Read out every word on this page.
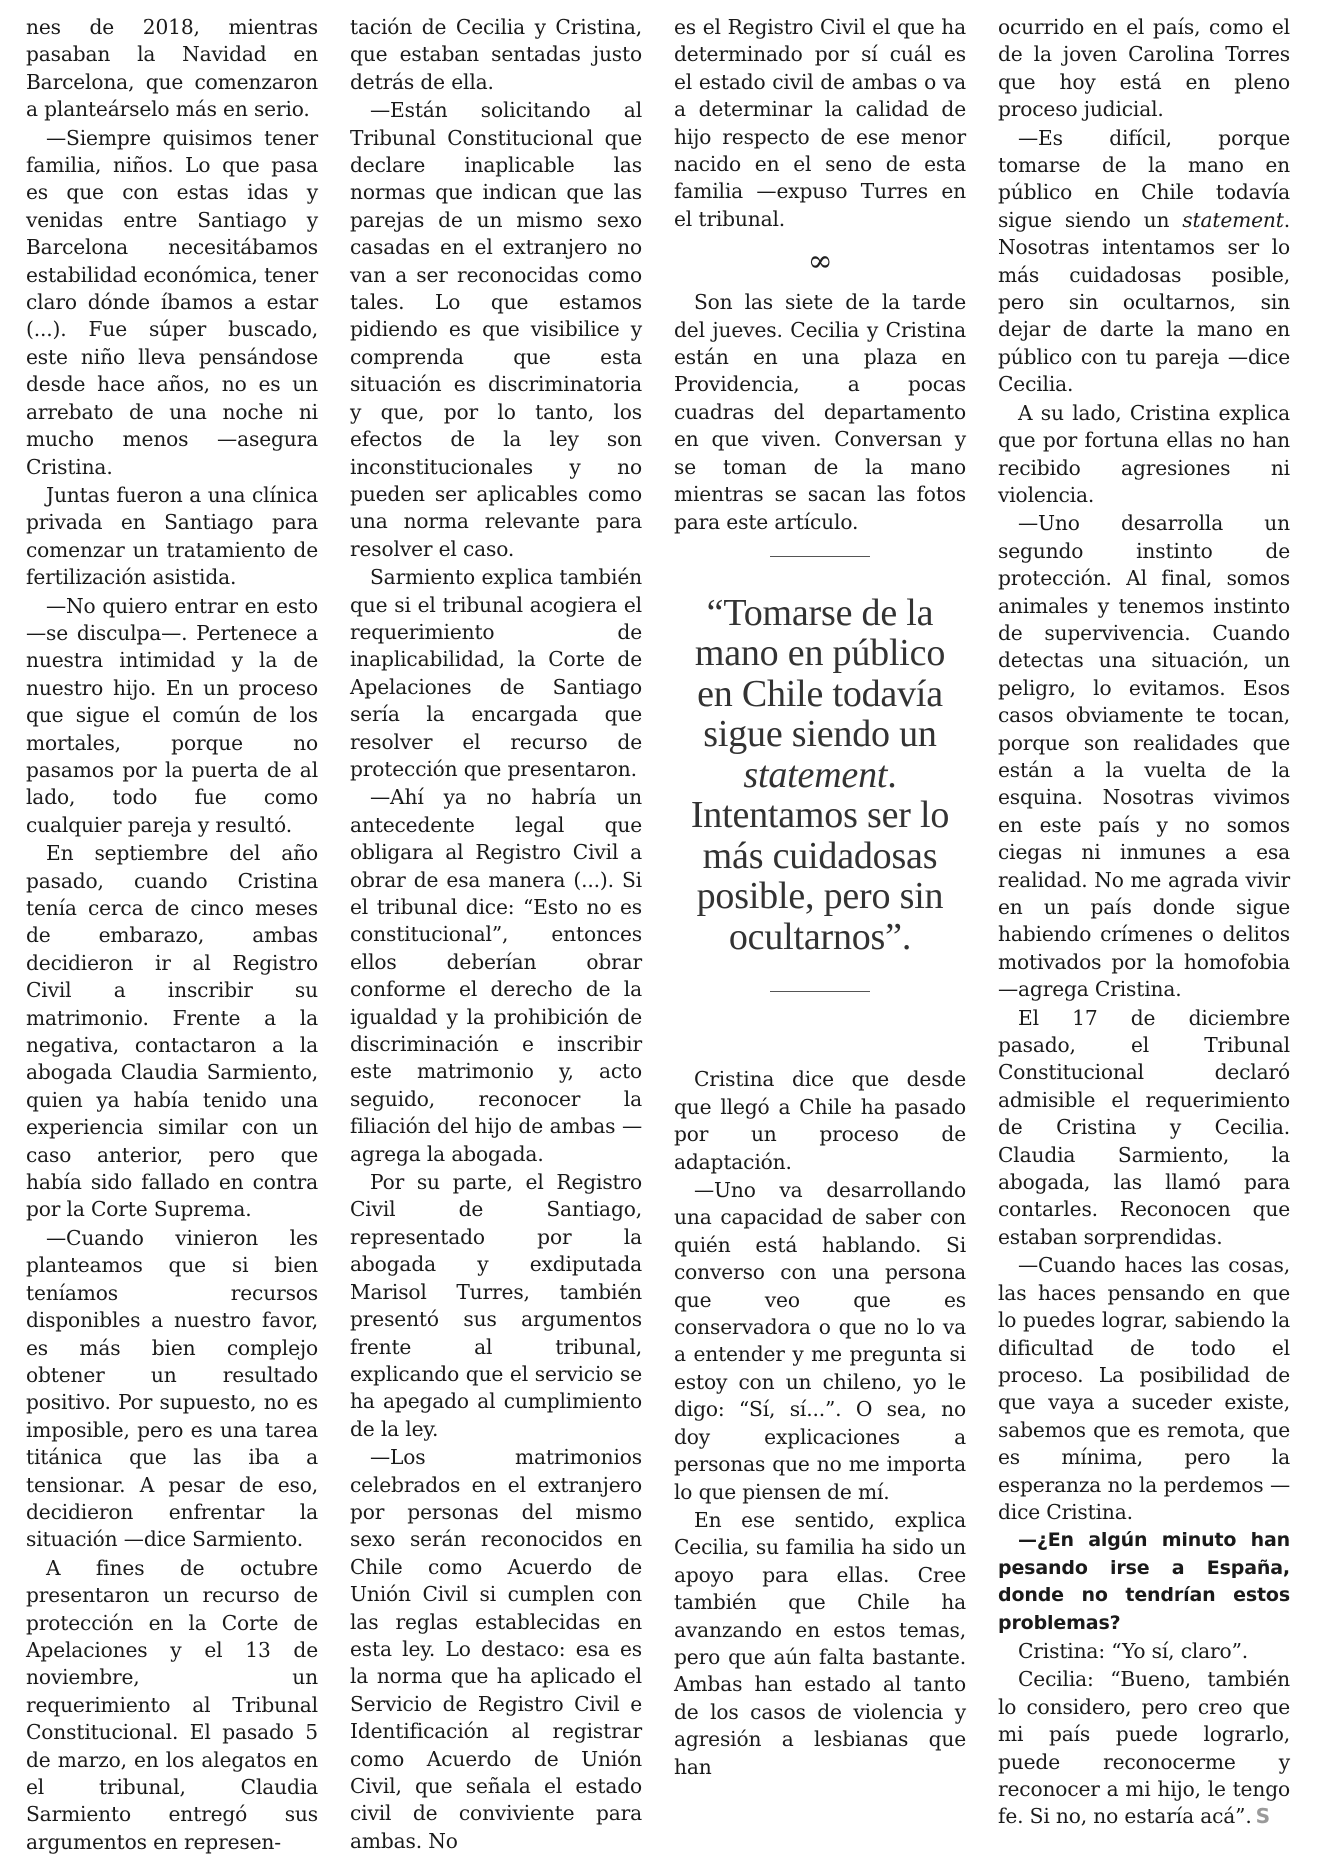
nes de 2018, mientras pasaban la Navidad en Barcelona, que comenzaron a planteárselo más en serio.

—Siempre quisimos tener familia, niños. Lo que pasa es que con estas idas y venidas entre Santiago y Barcelona necesitábamos estabilidad económica, tener claro dónde íbamos a estar (...). Fue súper buscado, este niño lleva pensándose desde hace años, no es un arrebato de una noche ni mucho menos —asegura Cristina.

Juntas fueron a una clínica privada en Santiago para comenzar un tratamiento de fertilización asistida.

—No quiero entrar en esto —se disculpa—. Pertenece a nuestra intimidad y la de nuestro hijo. En un proceso que sigue el común de los mortales, porque no pasamos por la puerta de al lado, todo fue como cualquier pareja y resultó.

En septiembre del año pasado, cuando Cristina tenía cerca de cinco meses de embarazo, ambas decidieron ir al Registro Civil a inscribir su matrimonio. Frente a la negativa, contactaron a la abogada Claudia Sarmiento, quien ya había tenido una experiencia similar con un caso anterior, pero que había sido fallado en contra por la Corte Suprema.

—Cuando vinieron les planteamos que si bien teníamos recursos disponibles a nuestro favor, es más bien complejo obtener un resultado positivo. Por supuesto, no es imposible, pero es una tarea titánica que las iba a tensionar. A pesar de eso, decidieron enfrentar la situación —dice Sarmiento.

A fines de octubre presentaron un recurso de protección en la Corte de Apelaciones y el 13 de noviembre, un requerimiento al Tribunal Constitucional. El pasado 5 de marzo, en los alegatos en el tribunal, Claudia Sarmiento entregó sus argumentos en represen-

tación de Cecilia y Cristina, que estaban sentadas justo detrás de ella.

—Están solicitando al Tribunal Constitucional que declare inaplicable las normas que indican que las parejas de un mismo sexo casadas en el extranjero no van a ser reconocidas como tales. Lo que estamos pidiendo es que visibilice y comprenda que esta situación es discriminatoria y que, por lo tanto, los efectos de la ley son inconstitucionales y no pueden ser aplicables como una norma relevante para resolver el caso.

Sarmiento explica también que si el tribunal acogiera el requerimiento de inaplicabilidad, la Corte de Apelaciones de Santiago sería la encargada que resolver el recurso de protección que presentaron.

—Ahí ya no habría un antecedente legal que obligara al Registro Civil a obrar de esa manera (...). Si el tribunal dice: “Esto no es constitucional”, entonces ellos deberían obrar conforme el derecho de la igualdad y la prohibición de discriminación e inscribir este matrimonio y, acto seguido, reconocer la filiación del hijo de ambas —agrega la abogada.

Por su parte, el Registro Civil de Santiago, representado por la abogada y exdiputada Marisol Turres, también presentó sus argumentos frente al tribunal, explicando que el servicio se ha apegado al cumplimiento de la ley.

—Los matrimonios celebrados en el extranjero por personas del mismo sexo serán reconocidos en Chile como Acuerdo de Unión Civil si cumplen con las reglas establecidas en esta ley. Lo destaco: esa es la norma que ha aplicado el Servicio de Registro Civil e Identificación al registrar como Acuerdo de Unión Civil, que señala el estado civil de conviviente para ambas. No

es el Registro Civil el que ha determinado por sí cuál es el estado civil de ambas o va a determinar la calidad de hijo respecto de ese menor nacido en el seno de esta familia —expuso Turres en el tribunal.

∞

Son las siete de la tarde del jueves. Cecilia y Cristina están en una plaza en Providencia, a pocas cuadras del departamento en que viven. Conversan y se toman de la mano mientras se sacan las fotos para este artículo.

“Tomarse de la mano en público en Chile todavía sigue siendo un statement. Intentamos ser lo más cuidadosas posible, pero sin ocultarnos”.

Cristina dice que desde que llegó a Chile ha pasado por un proceso de adaptación.

—Uno va desarrollando una capacidad de saber con quién está hablando. Si converso con una persona que veo que es conservadora o que no lo va a entender y me pregunta si estoy con un chileno, yo le digo: “Sí, sí...”. O sea, no doy explicaciones a personas que no me importa lo que piensen de mí.

En ese sentido, explica Cecilia, su familia ha sido un apoyo para ellas. Cree también que Chile ha avanzando en estos temas, pero que aún falta bastante. Ambas han estado al tanto de los casos de violencia y agresión a lesbianas que han

ocurrido en el país, como el de la joven Carolina Torres que hoy está en pleno proceso judicial.

—Es difícil, porque tomarse de la mano en público en Chile todavía sigue siendo un statement. Nosotras intentamos ser lo más cuidadosas posible, pero sin ocultarnos, sin dejar de darte la mano en público con tu pareja —dice Cecilia.

A su lado, Cristina explica que por fortuna ellas no han recibido agresiones ni violencia.

—Uno desarrolla un segundo instinto de protección. Al final, somos animales y tenemos instinto de supervivencia. Cuando detectas una situación, un peligro, lo evitamos. Esos casos obviamente te tocan, porque son realidades que están a la vuelta de la esquina. Nosotras vivimos en este país y no somos ciegas ni inmunes a esa realidad. No me agrada vivir en un país donde sigue habiendo crímenes o delitos motivados por la homofobia —agrega Cristina.

El 17 de diciembre pasado, el Tribunal Constitucional declaró admisible el requerimiento de Cristina y Cecilia. Claudia Sarmiento, la abogada, las llamó para contarles. Reconocen que estaban sorprendidas.

—Cuando haces las cosas, las haces pensando en que lo puedes lograr, sabiendo la dificultad de todo el proceso. La posibilidad de que vaya a suceder existe, sabemos que es remota, que es mínima, pero la esperanza no la perdemos —dice Cristina.

—¿En algún minuto han pesando irse a España, donde no tendrían estos problemas?

Cristina: “Yo sí, claro”.

Cecilia: “Bueno, también lo considero, pero creo que mi país puede lograrlo, puede reconocerme y reconocer a mi hijo, le tengo fe. Si no, no estaría acá”. S
